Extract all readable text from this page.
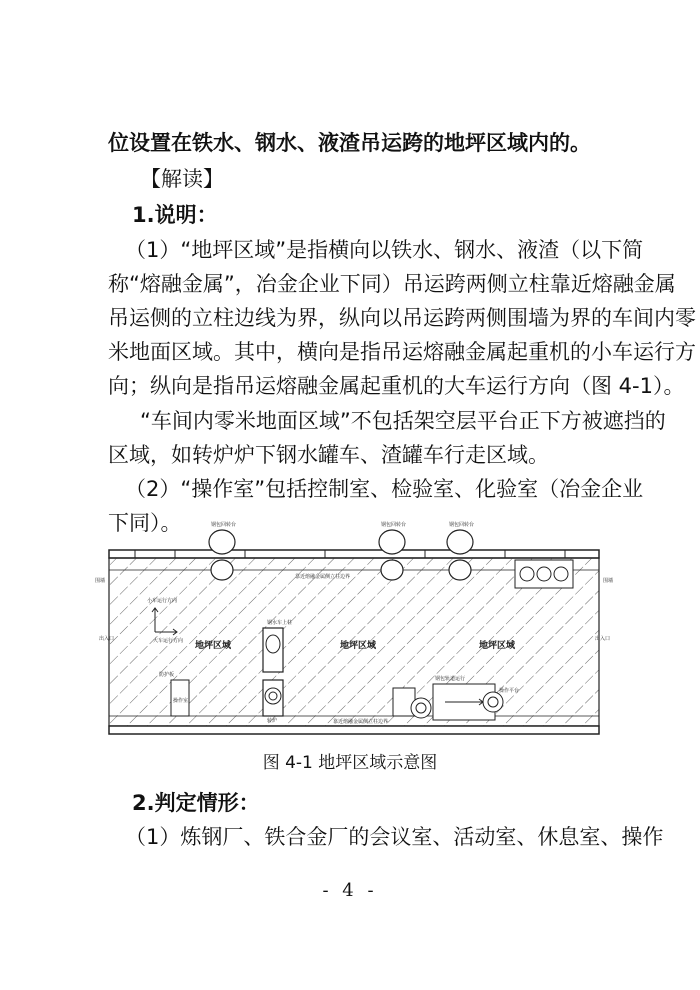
位设置在铁水、钢水、液渣吊运跨的地坪区域内的。
【解读】
1.说明：
（1）“地坪区域”是指横向以铁水、钢水、液渣（以下简
称“熔融金属”，冶金企业下同）吊运跨两侧立柱靠近熔融金属
吊运侧的立柱边线为界，纵向以吊运跨两侧围墙为界的车间内零
米地面区域。其中，横向是指吊运熔融金属起重机的小车运行方
向；纵向是指吊运熔融金属起重机的大车运行方向（图 4-1）。
“车间内零米地面区域”不包括架空层平台正下方被遮挡的
区域，如转炉炉下钢水罐车、渣罐车行走区域。
（2）“操作室”包括控制室、检验室、化验室（冶金企业
下同）。	钢包回转台	钢包回转台	钢包回转台
靠近熔融金属侧立柱边界
围墙	围墙
出入口	出入口
小车运行方向
大车运行方向 地坪区域	地坪区域	地坪区域
钢水车上柱
转炉
操作室
防护板
钢包轨道运行
操作平台
靠近熔融金属侧立柱边界
图 4-1 地坪区域示意图
2.判定情形：
（1）炼钢厂、铁合金厂的会议室、活动室、休息室、操作
- 4 -
